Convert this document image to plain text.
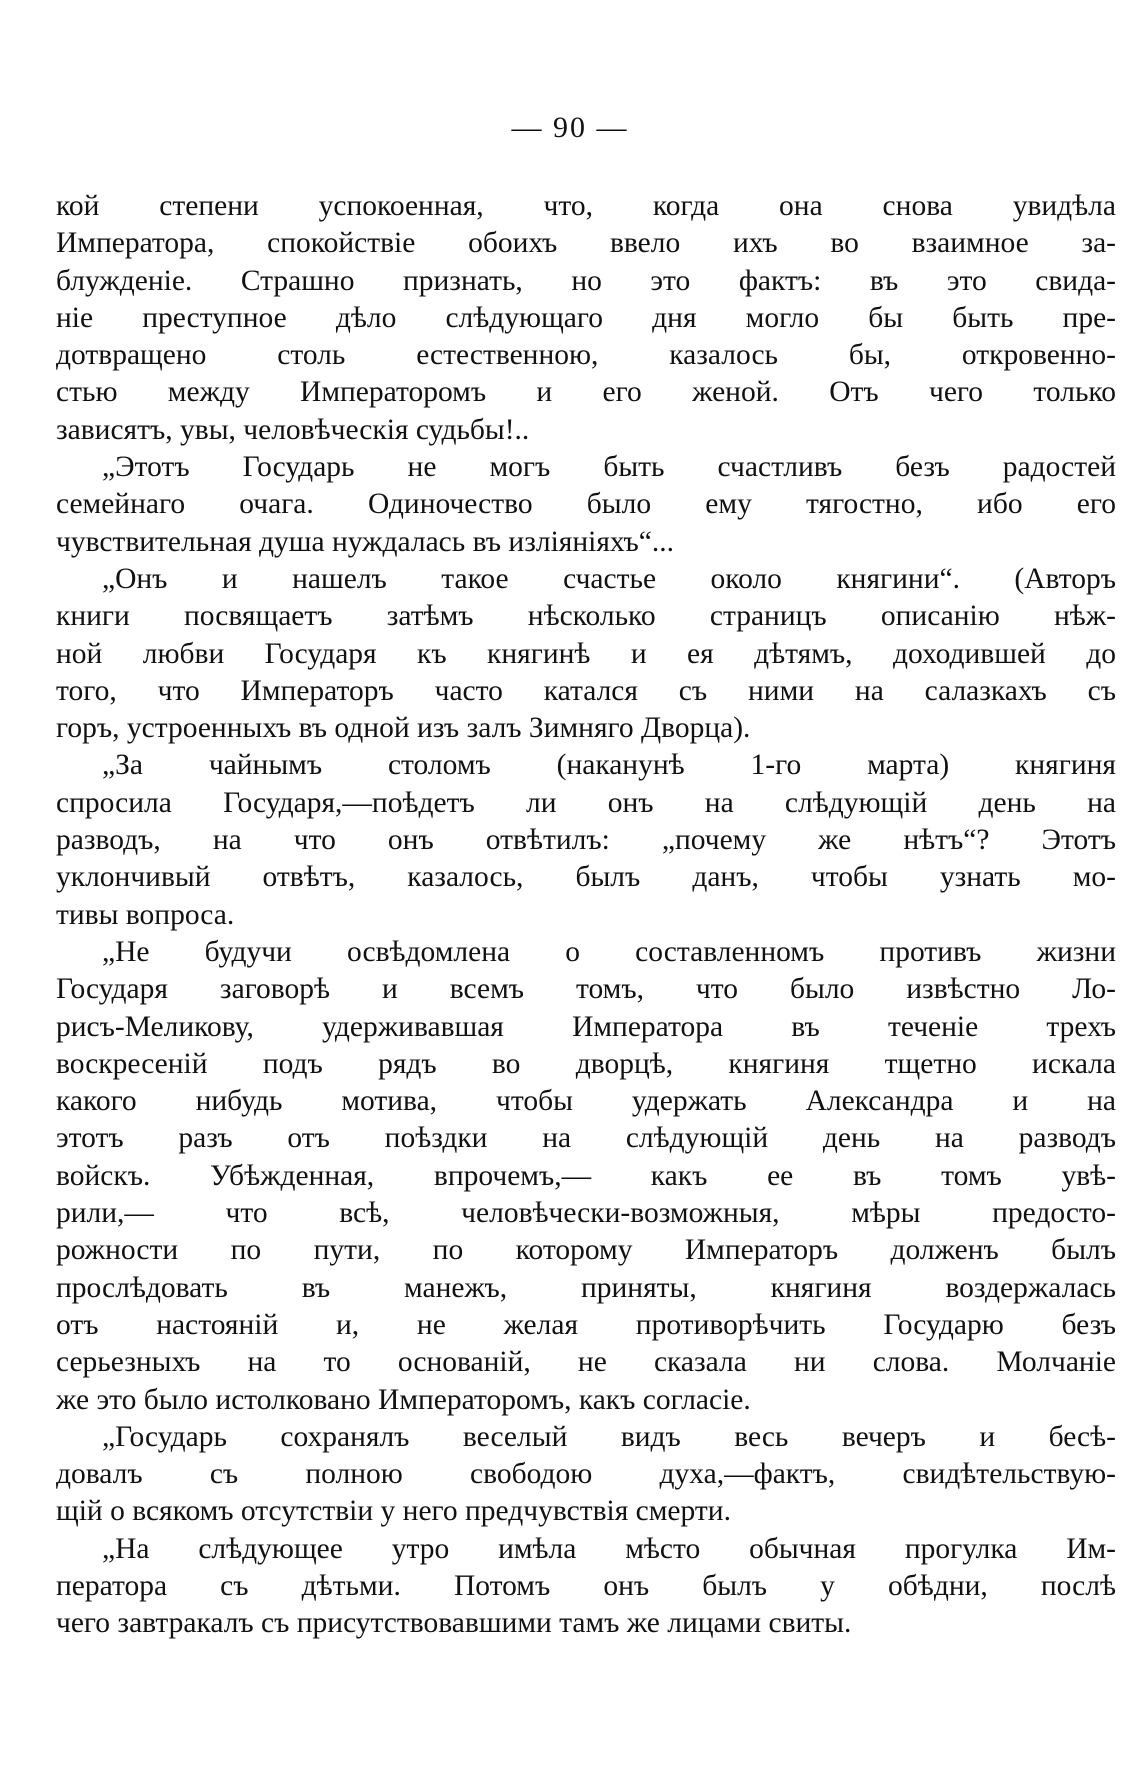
— 90 —
кой степени успокоенная, что, когда она снова увидѣла
Императора, спокойствіе обоихъ ввело ихъ во взаимное за-
блужденіе. Страшно признать, но это фактъ: въ это свида-
ніе преступное дѣло слѣдующаго дня могло бы быть пре-
дотвращено столь естественною, казалось бы, откровенно-
стью между Императоромъ и его женой. Отъ чего только
зависятъ, увы, человѣческія судьбы!..
„Этотъ Государь не могъ быть счастливъ безъ радостей
семейнаго очага. Одиночество было ему тягостно, ибо его
чувствительная душа нуждалась въ изліяніяхъ“...
„Онъ и нашелъ такое счастье около княгини“. (Авторъ
книги посвящаетъ затѣмъ нѣсколько страницъ описанію нѣж-
ной любви Государя къ княгинѣ и ея дѣтямъ, доходившей до
того, что Императоръ часто катался съ ними на салазкахъ съ
горъ, устроенныхъ въ одной изъ залъ Зимняго Дворца).
„За чайнымъ столомъ (наканунѣ 1-го марта) княгиня
спросила Государя,—поѣдетъ ли онъ на слѣдующій день на
разводъ, на что онъ отвѣтилъ: „почему же нѣтъ“? Этотъ
уклончивый отвѣтъ, казалось, былъ данъ, чтобы узнать мо-
тивы вопроса.
„Не будучи освѣдомлена о составленномъ противъ жизни
Государя заговорѣ и всемъ томъ, что было извѣстно Ло-
рисъ-Меликову, удерживавшая Императора въ теченіе трехъ
воскресеній подъ рядъ во дворцѣ, княгиня тщетно искала
какого нибудь мотива, чтобы удержать Александра и на
этотъ разъ отъ поѣздки на слѣдующій день на разводъ
войскъ. Убѣжденная, впрочемъ,— какъ ее въ томъ увѣ-
рили,— что всѣ, человѣчески-возможныя, мѣры предосто-
рожности по пути, по которому Императоръ долженъ былъ
прослѣдовать въ манежъ, приняты, княгиня воздержалась
отъ настояній и, не желая противорѣчить Государю безъ
серьезныхъ на то основаній, не сказала ни слова. Молчаніе
же это было истолковано Императоромъ, какъ согласіе.
„Государь сохранялъ веселый видъ весь вечеръ и бесѣ-
довалъ съ полною свободою духа,—фактъ, свидѣтельствую-
щій о всякомъ отсутствіи у него предчувствія смерти.
„На слѣдующее утро имѣла мѣсто обычная прогулка Им-
ператора съ дѣтьми. Потомъ онъ былъ у обѣдни, послѣ
чего завтракалъ съ присутствовавшими тамъ же лицами свиты.
